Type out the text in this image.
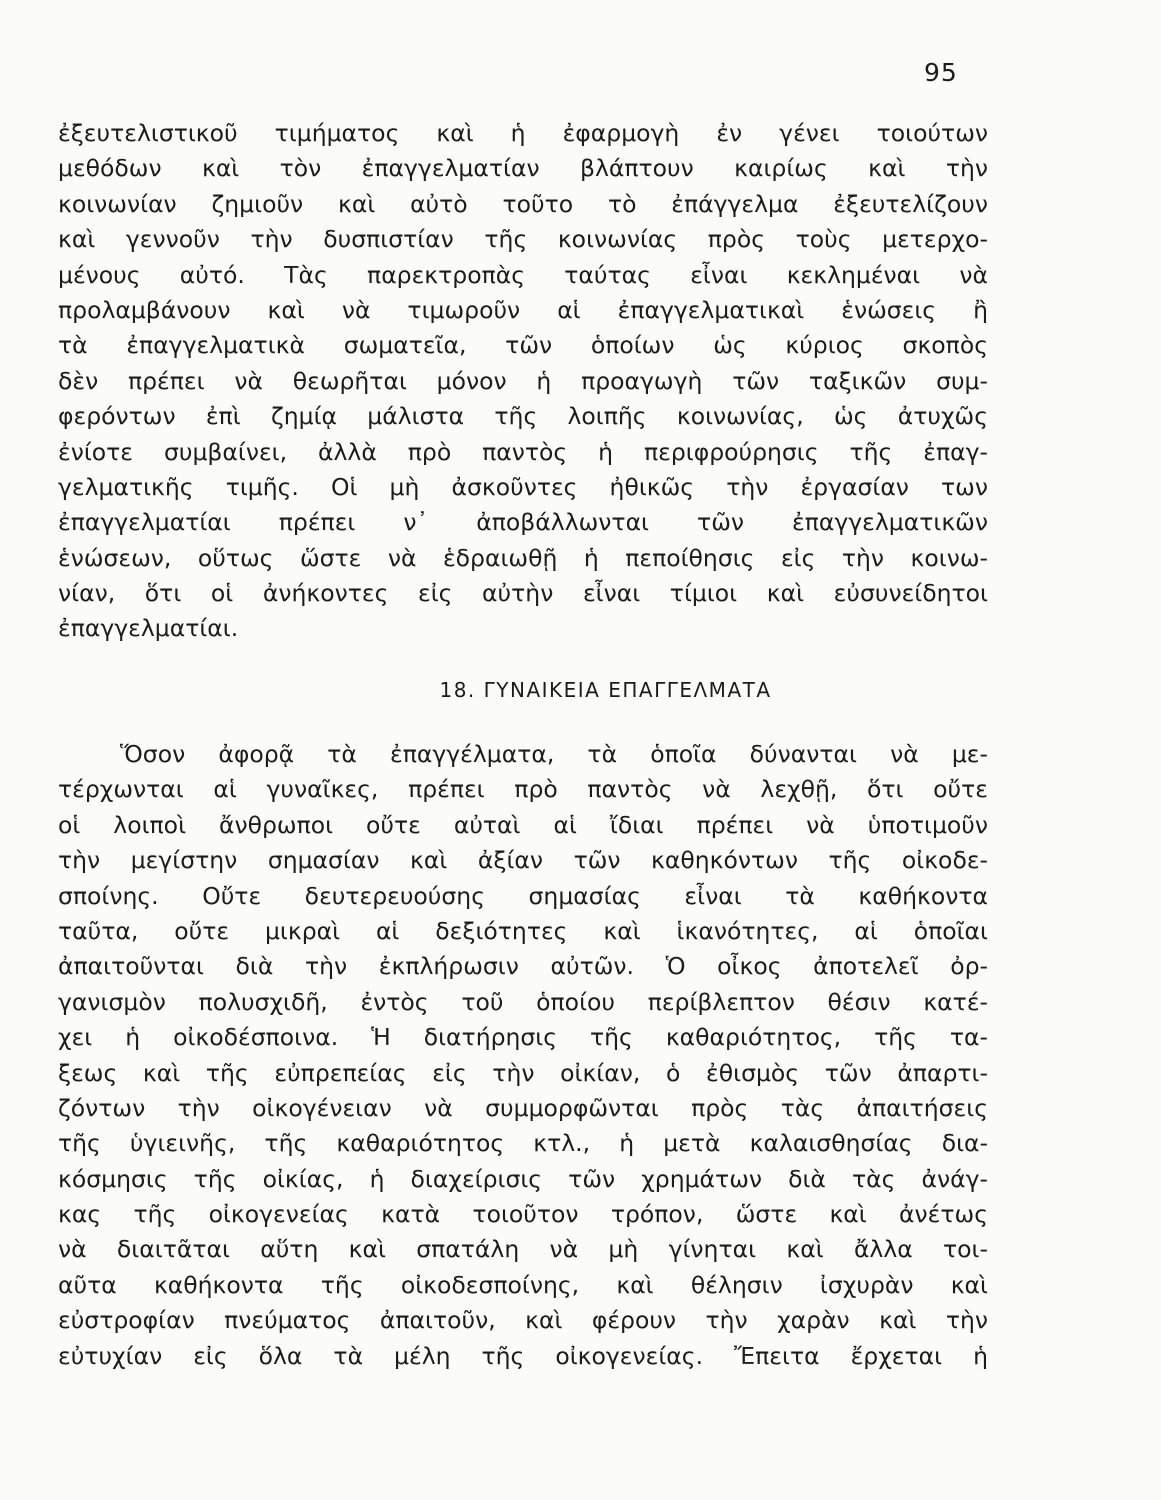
95
ἐξευτελιστικοῦ τιμήματος καὶ ἡ ἐφαρμογὴ ἐν γένει τοιούτων
μεθόδων καὶ τὸν ἐπαγγελματίαν βλάπτουν καιρίως καὶ τὴν
κοινωνίαν ζημιοῦν καὶ αὐτὸ τοῦτο τὸ ἐπάγγελμα ἐξευτελίζουν
καὶ γεννοῦν τὴν δυσπιστίαν τῆς κοινωνίας πρὸς τοὺς μετερχο-
μένους αὐτό. Τὰς παρεκτροπὰς ταύτας εἶναι κεκλημέναι νὰ
προλαμβάνουν καὶ νὰ τιμωροῦν αἱ ἐπαγγελματικαὶ ἑνώσεις ἢ
τὰ ἐπαγγελματικὰ σωματεῖα, τῶν ὁποίων ὡς κύριος σκοπὸς
δὲν πρέπει νὰ θεωρῆται μόνον ἡ προαγωγὴ τῶν ταξικῶν συμ-
φερόντων ἐπὶ ζημίᾳ μάλιστα τῆς λοιπῆς κοινωνίας, ὡς ἀτυχῶς
ἐνίοτε συμβαίνει, ἀλλὰ πρὸ παντὸς ἡ περιφρούρησις τῆς ἐπαγ-
γελματικῆς τιμῆς. Οἱ μὴ ἀσκοῦντες ἠθικῶς τὴν ἐργασίαν των
ἐπαγγελματίαι πρέπει ν᾽ ἀποβάλλωνται τῶν ἐπαγγελματικῶν
ἑνώσεων, οὕτως ὥστε νὰ ἑδραιωθῇ ἡ πεποίθησις εἰς τὴν κοινω-
νίαν, ὅτι οἱ ἀνήκοντες εἰς αὐτὴν εἶναι τίμιοι καὶ εὐσυνείδητοι
ἐπαγγελματίαι.
18. ΓΥΝΑΙΚΕΙΑ ΕΠΑΓΓΕΛΜΑΤΑ
Ὅσον ἀφορᾷ τὰ ἐπαγγέλματα, τὰ ὁποῖα δύνανται νὰ με-
τέρχωνται αἱ γυναῖκες, πρέπει πρὸ παντὸς νὰ λεχθῇ, ὅτι οὔτε
οἱ λοιποὶ ἄνθρωποι οὔτε αὐταὶ αἱ ἴδιαι πρέπει νὰ ὑποτιμοῦν
τὴν μεγίστην σημασίαν καὶ ἀξίαν τῶν καθηκόντων τῆς οἰκοδε-
σποίνης. Οὔτε δευτερευούσης σημασίας εἶναι τὰ καθήκοντα
ταῦτα, οὔτε μικραὶ αἱ δεξιότητες καὶ ἱκανότητες, αἱ ὁποῖαι
ἀπαιτοῦνται διὰ τὴν ἐκπλήρωσιν αὐτῶν. Ὁ οἶκος ἀποτελεῖ ὀρ-
γανισμὸν πολυσχιδῆ, ἐντὸς τοῦ ὁποίου περίβλεπτον θέσιν κατέ-
χει ἡ οἰκοδέσποινα. Ἡ διατήρησις τῆς καθαριότητος, τῆς τα-
ξεως καὶ τῆς εὐπρεπείας εἰς τὴν οἰκίαν, ὁ ἐθισμὸς τῶν ἀπαρτι-
ζόντων τὴν οἰκογένειαν νὰ συμμορφῶνται πρὸς τὰς ἀπαιτήσεις
τῆς ὑγιεινῆς, τῆς καθαριότητος κτλ., ἡ μετὰ καλαισθησίας δια-
κόσμησις τῆς οἰκίας, ἡ διαχείρισις τῶν χρημάτων διὰ τὰς ἀνάγ-
κας τῆς οἰκογενείας κατὰ τοιοῦτον τρόπον, ὥστε καὶ ἀνέτως
νὰ διαιτᾶται αὕτη καὶ σπατάλη νὰ μὴ γίνηται καὶ ἄλλα τοι-
αῦτα καθήκοντα τῆς οἰκοδεσποίνης, καὶ θέλησιν ἰσχυρὰν καὶ
εὐστροφίαν πνεύματος ἀπαιτοῦν, καὶ φέρουν τὴν χαρὰν καὶ τὴν
εὐτυχίαν εἰς ὅλα τὰ μέλη τῆς οἰκογενείας. Ἔπειτα ἔρχεται ἡ
